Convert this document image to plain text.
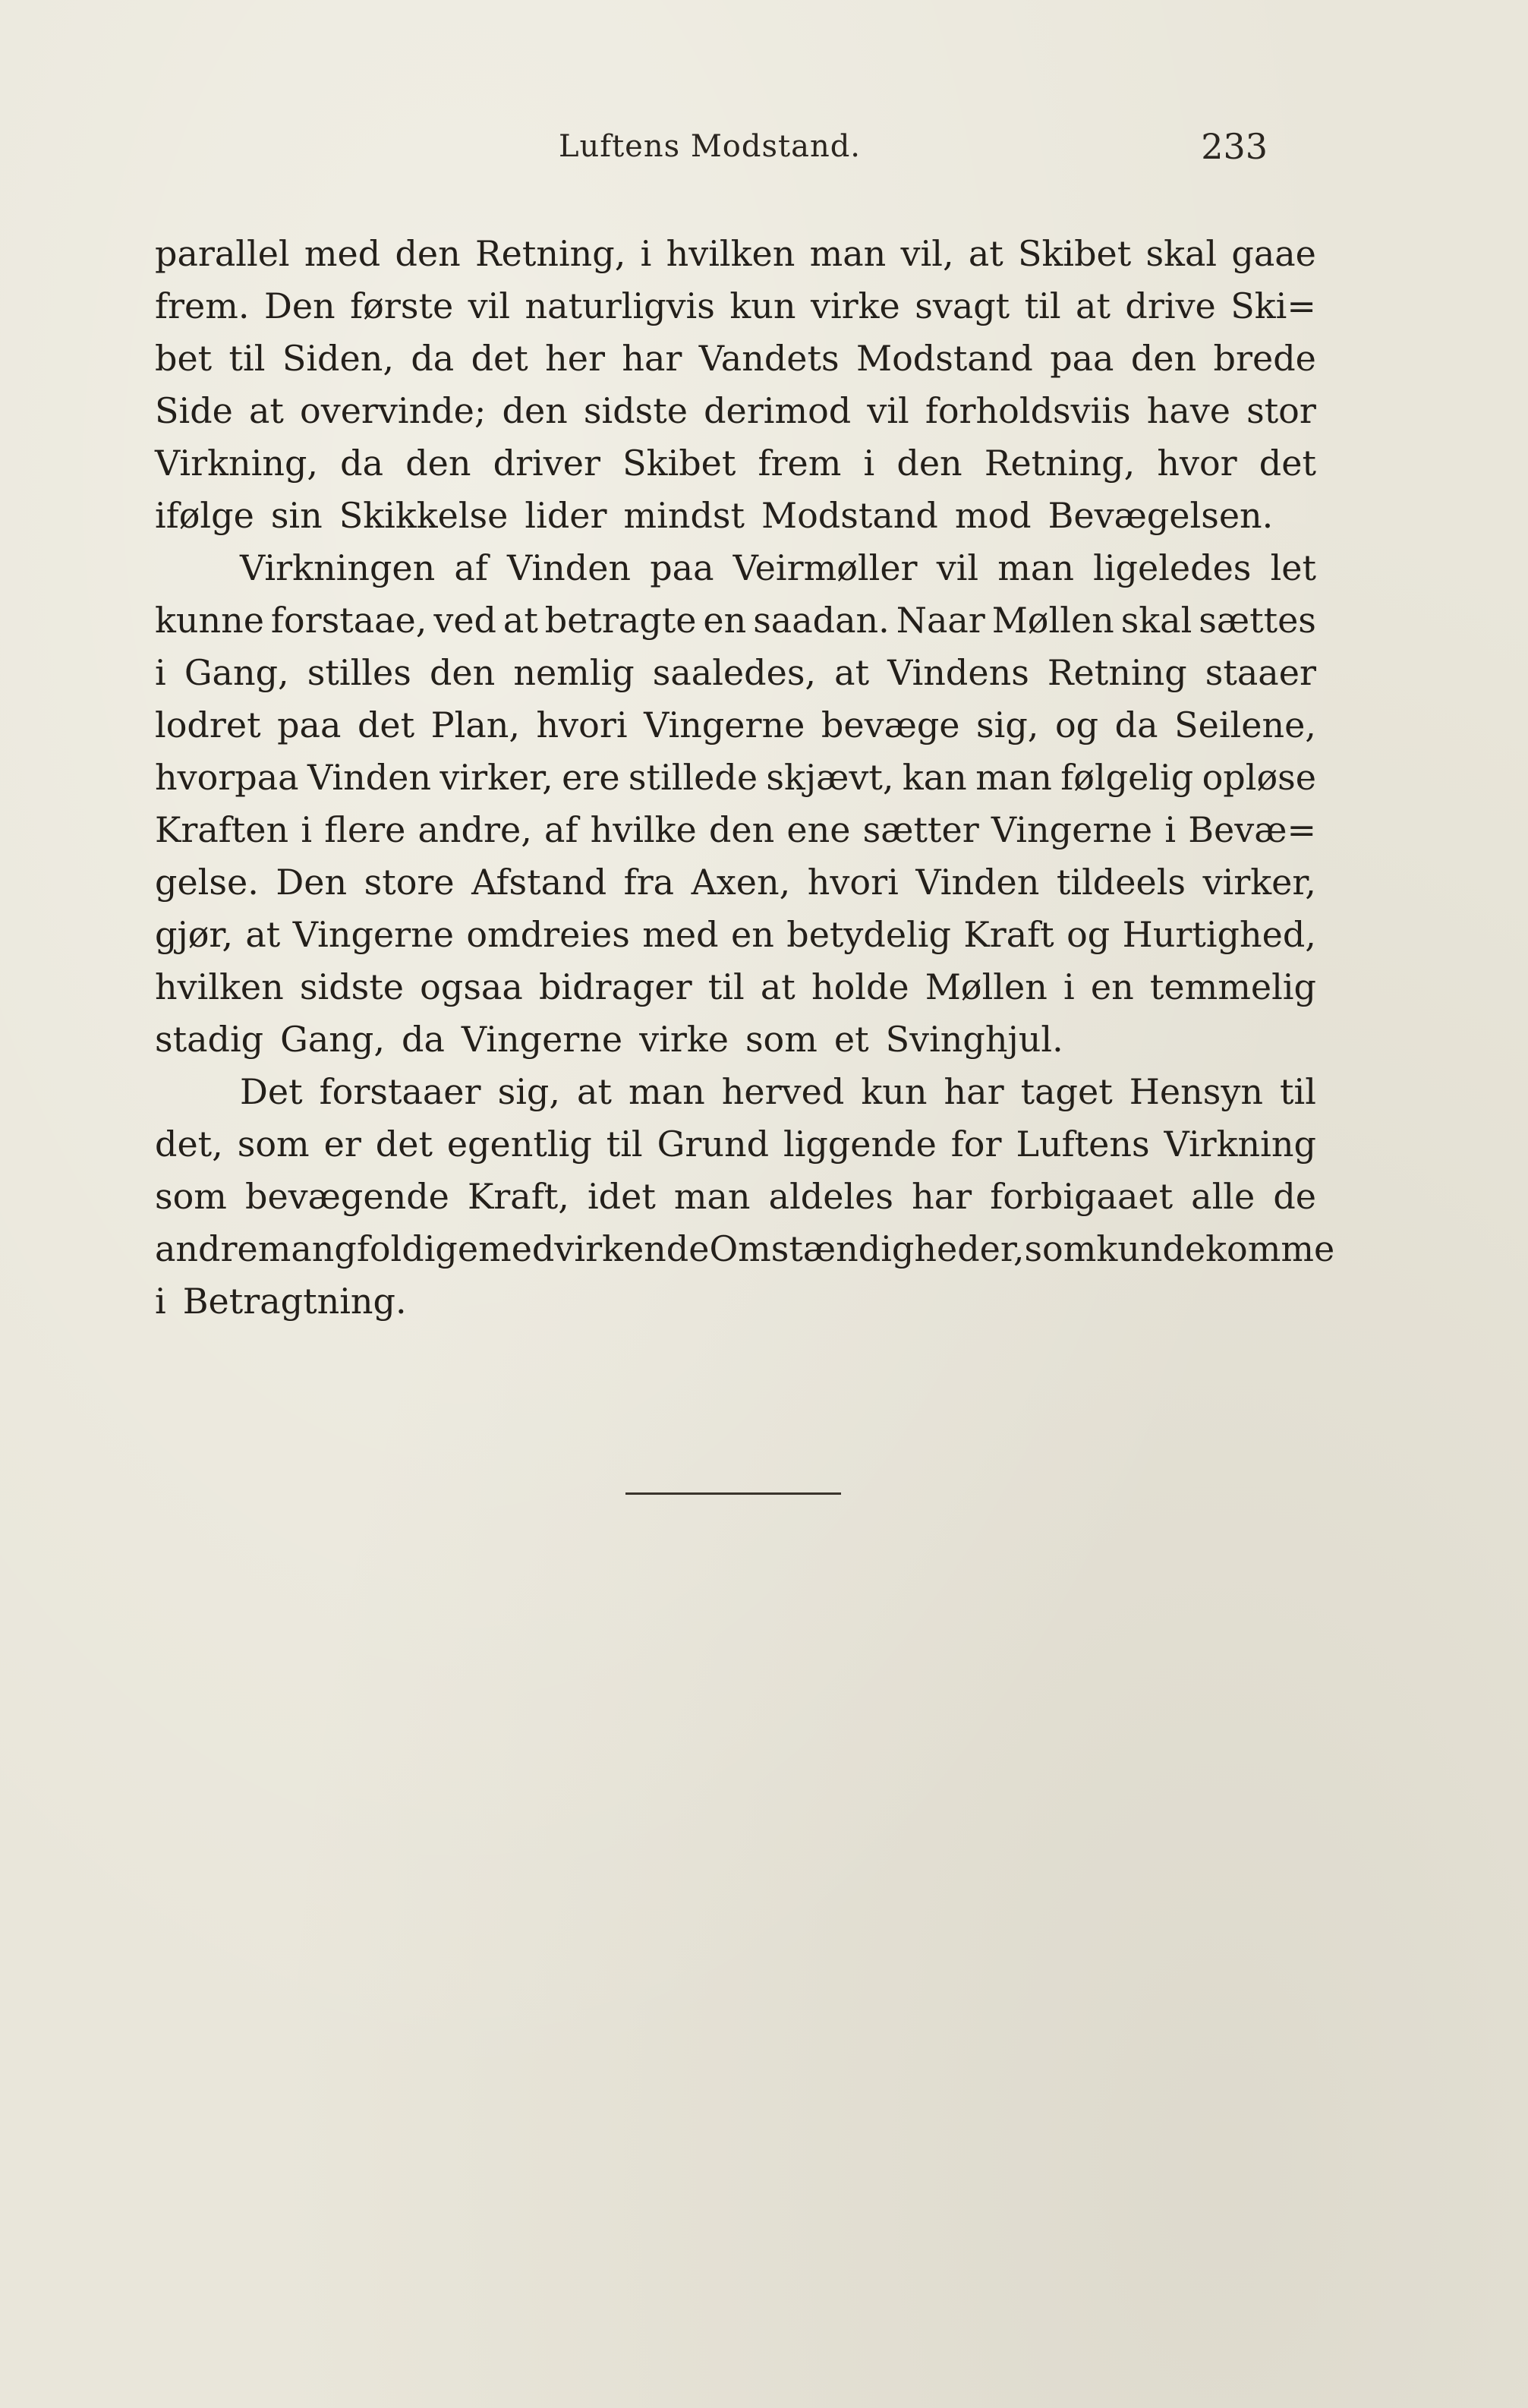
Luftens Modstand.	233
parallel med den Retning, i hvilken man vil, at Skibet skal gaae
frem. Den første vil naturligvis kun virke svagt til at drive Ski=
bet til Siden, da det her har Vandets Modstand paa den brede
Side at overvinde; den sidste derimod vil forholdsviis have stor
Virkning, da den driver Skibet frem i den Retning, hvor det
ifølge sin Skikkelse lider mindst Modstand mod Bevægelsen.
Virkningen af Vinden paa Veirmøller vil man ligeledes let
kunne forstaae, ved at betragte en saadan. Naar Møllen skal sættes
i Gang, stilles den nemlig saaledes, at Vindens Retning staaer
lodret paa det Plan, hvori Vingerne bevæge sig, og da Seilene,
hvorpaa Vinden virker, ere stillede skjævt, kan man følgelig opløse
Kraften i flere andre, af hvilke den ene sætter Vingerne i Bevæ=
gelse. Den store Afstand fra Axen, hvori Vinden tildeels virker,
gjør, at Vingerne omdreies med en betydelig Kraft og Hurtighed,
hvilken sidste ogsaa bidrager til at holde Møllen i en temmelig
stadig Gang, da Vingerne virke som et Svinghjul.
Det forstaaer sig, at man herved kun har taget Hensyn til
det, som er det egentlig til Grund liggende for Luftens Virkning
som bevægende Kraft, idet man aldeles har forbigaaet alle de
andre mangfoldige medvirkende Omstændigheder, som kunde komme
i Betragtning.
